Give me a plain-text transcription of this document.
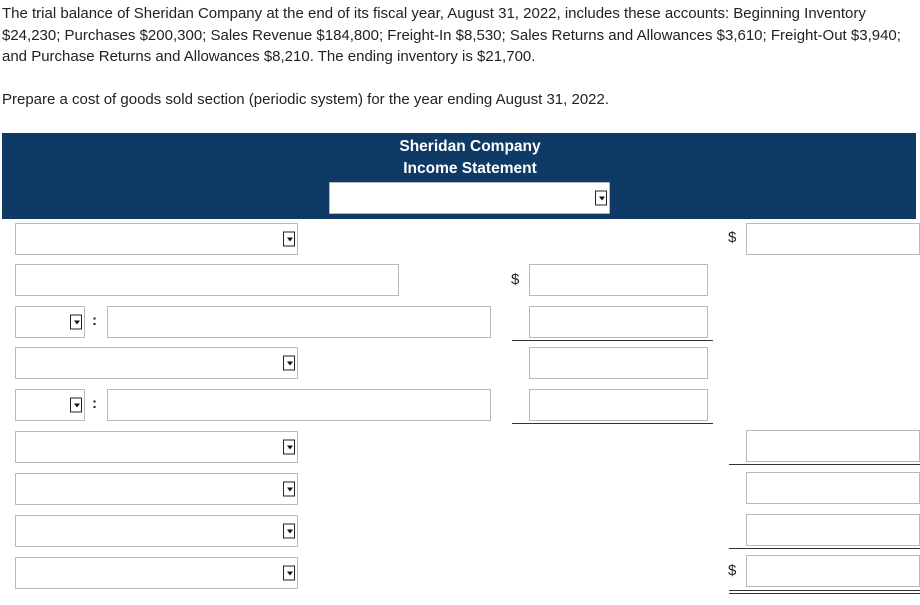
The trial balance of Sheridan Company at the end of its fiscal year, August 31, 2022, includes these accounts: Beginning Inventory $24,230; Purchases $200,300; Sales Revenue $184,800; Freight-In $8,530; Sales Returns and Allowances $3,610; Freight-Out $3,940; and Purchase Returns and Allowances $8,210. The ending inventory is $21,700.
Prepare a cost of goods sold section (periodic system) for the year ending August 31, 2022.
Sheridan Company
Income Statement
$
$
:
:
$
